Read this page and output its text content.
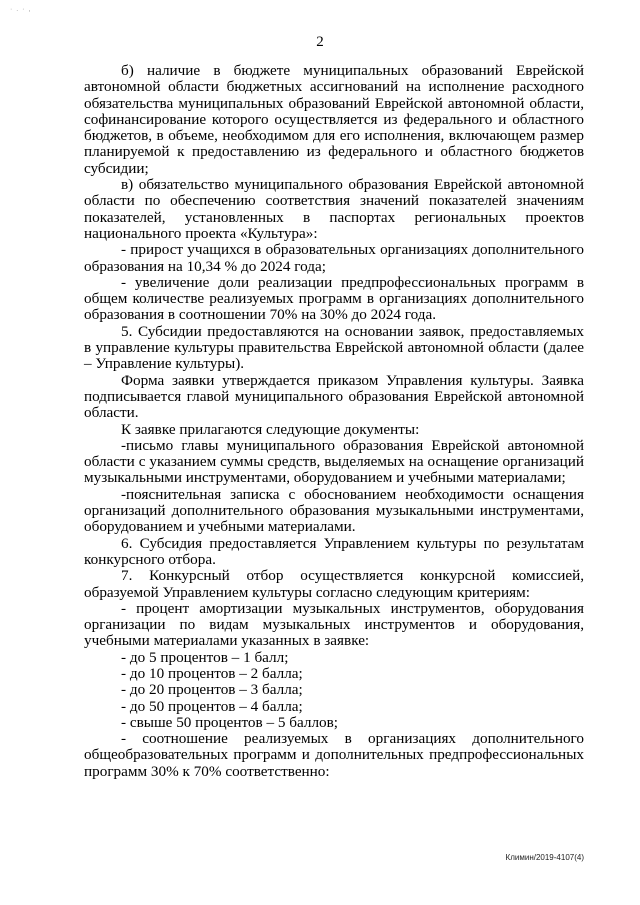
· . · ,
2

б) наличие в бюджете муниципальных образований Еврейской автономной области бюджетных ассигнований на исполнение расходного обязательства муниципальных образований Еврейской автономной области, софинансирование которого осуществляется из федерального и областного бюджетов, в объеме, необходимом для его исполнения, включающем размер планируемой к предоставлению из федерального и областного бюджетов субсидии;

в) обязательство муниципального образования Еврейской автономной области по обеспечению соответствия значений показателей значениям показателей, установленных в паспортах региональных проектов национального проекта «Культура»:

- прирост учащихся в образовательных организациях дополнительного образования на 10,34 % до 2024 года;

- увеличение доли реализации предпрофессиональных программ в общем количестве реализуемых программ в организациях дополнительного образования в соотношении 70% на 30% до 2024 года.

5. Субсидии предоставляются на основании заявок, предоставляемых в управление культуры правительства Еврейской автономной области (далее – Управление культуры).

Форма заявки утверждается приказом Управления культуры. Заявка подписывается главой муниципального образования Еврейской автономной области.

К заявке прилагаются следующие документы:

-письмо главы муниципального образования Еврейской автономной области с указанием суммы средств, выделяемых на оснащение организаций музыкальными инструментами, оборудованием и учебными материалами;

-пояснительная записка с обоснованием необходимости оснащения организаций дополнительного образования музыкальными инструментами, оборудованием и учебными материалами.

6. Субсидия предоставляется Управлением культуры по результатам конкурсного отбора.

7. Конкурсный отбор осуществляется конкурсной комиссией, образуемой Управлением культуры согласно следующим критериям:

- процент амортизации музыкальных инструментов, оборудования организации по видам музыкальных инструментов и оборудования, учебными материалами указанных в заявке:

- до 5 процентов – 1 балл;

- до 10 процентов – 2 балла;

- до 20 процентов – 3 балла;

- до 50 процентов – 4 балла;

- свыше 50 процентов – 5 баллов;

- соотношение реализуемых в организациях дополнительного общеобразовательных программ и дополнительных предпрофессиональных программ 30% к 70% соответственно:

Климин/2019-4107(4)
